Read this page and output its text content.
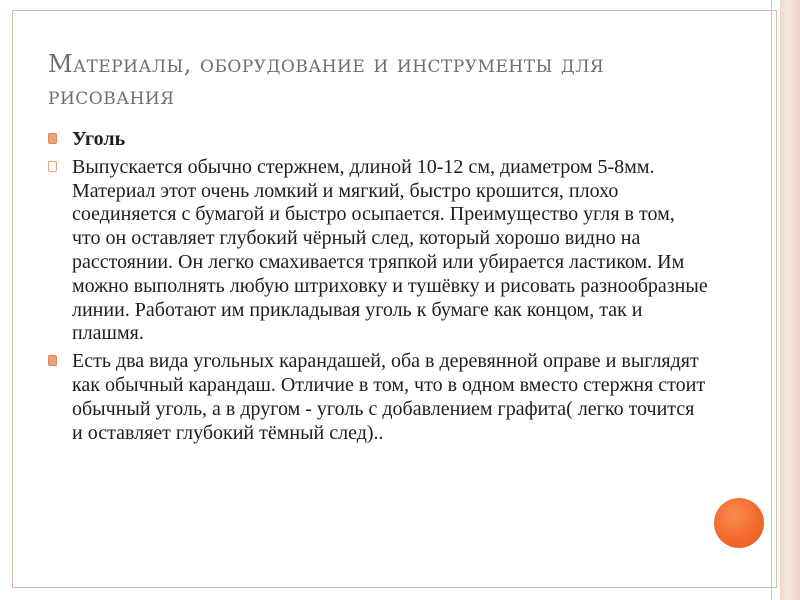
Материалы, оборудование и инструменты для рисования
Уголь
Выпускается обычно стержнем, длиной 10-12 см, диаметром 5-8мм. Материал этот очень ломкий и мягкий, быстро крошится, плохо соединяется с бумагой и быстро осыпается. Преимущество угля в том, что он оставляет глубокий чёрный след, который хорошо видно на расстоянии. Он легко смахивается тряпкой или убирается ластиком. Им можно выполнять любую штриховку и тушёвку и рисовать разнообразные линии. Работают им прикладывая уголь к бумаге как концом, так и плашмя.
Есть два вида угольных карандашей, оба в деревянной оправе и выглядят как обычный карандаш. Отличие в том, что в одном вместо стержня стоит обычный уголь, а в другом - уголь с добавлением графита( легко точится и оставляет глубокий тёмный след)..
